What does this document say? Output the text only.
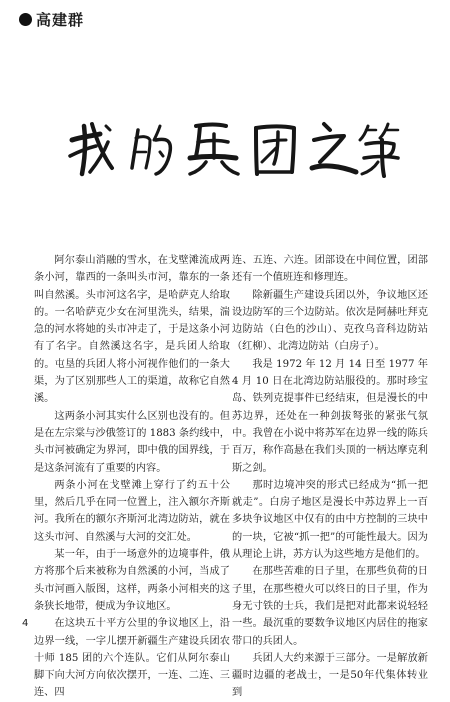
高建群

阿尔泰山消融的雪水，在戈壁滩流成两条小河，靠西的一条叫头市河，靠东的一条叫自然溪。头市河这名字，是哈萨克人给取的。一名哈萨克少女在河里洗头，结果，湍急的河水将她的头市冲走了，于是这条小河有了名字。自然溪这名字，是兵团人给取的。屯垦的兵团人将小河视作他们的一条大渠，为了区别那些人工的渠道，故称它自然溪。

这两条小河其实什么区别也没有的。但是在左宗棠与沙俄签订的 1883 条约线中，头市河被确定为界河，即中俄的国界线，于是这条河流有了重要的内容。

两条小河在戈壁滩上穿行了约五十公里，然后几乎在同一位置上，注入额尔齐斯河。我所在的额尔齐斯河北湾边防站，就在这头市河、自然溪与大河的交汇处。

某一年，由于一场意外的边境事件，俄方将那个后来被称为自然溪的小河，当成了头市河画入版图，这样，两条小河相夹的这条狭长地带，便成为争议地区。

在这块五十平方公里的争议地区上，沿边界一线，一字儿摆开新疆生产建设兵团农十师 185 团的六个连队。它们从阿尔泰山脚下向大河方向依次摆开，一连、二连、三连、四

连、五连、六连。团部设在中间位置，团部还有一个值班连和修理连。

除新疆生产建设兵团以外，争议地区还设边防军的三个边防站。依次是阿赫吐拜克边防站（白色的沙山）、克孜乌音科边防站（红柳）、北湾边防站（白房子）。

我是 1972 年 12 月 14 日至 1977 年 4 月 10 日在北湾边防站服役的。那时珍宝岛、铁列克提事件已经结束，但是漫长的中苏边界，还处在一种剑拔弩张的紧张气氛中。我曾在小说中将苏军在边界一线的陈兵百万，称作高悬在我们头顶的一柄达摩克利斯之剑。

那时边境冲突的形式已经成为“抓一把就走”。白房子地区是漫长中苏边界上一百多块争议地区中仅有的由中方控制的三块中的一块，它被“抓一把”的可能性最大。因为从理论上讲，苏方认为这些地方是他们的。

在那些苦难的日子里，在那些负荷的日子里，在那些橙火可以终日的日子里，作为身无寸铁的士兵，我们是把对此都来说轻轻一些。最沉重的要数争议地区内居住的拖家带口的兵团人。

兵团人大约来源于三部分。一是解放新疆时边疆的老战士，一是50年代集体转业到

4
